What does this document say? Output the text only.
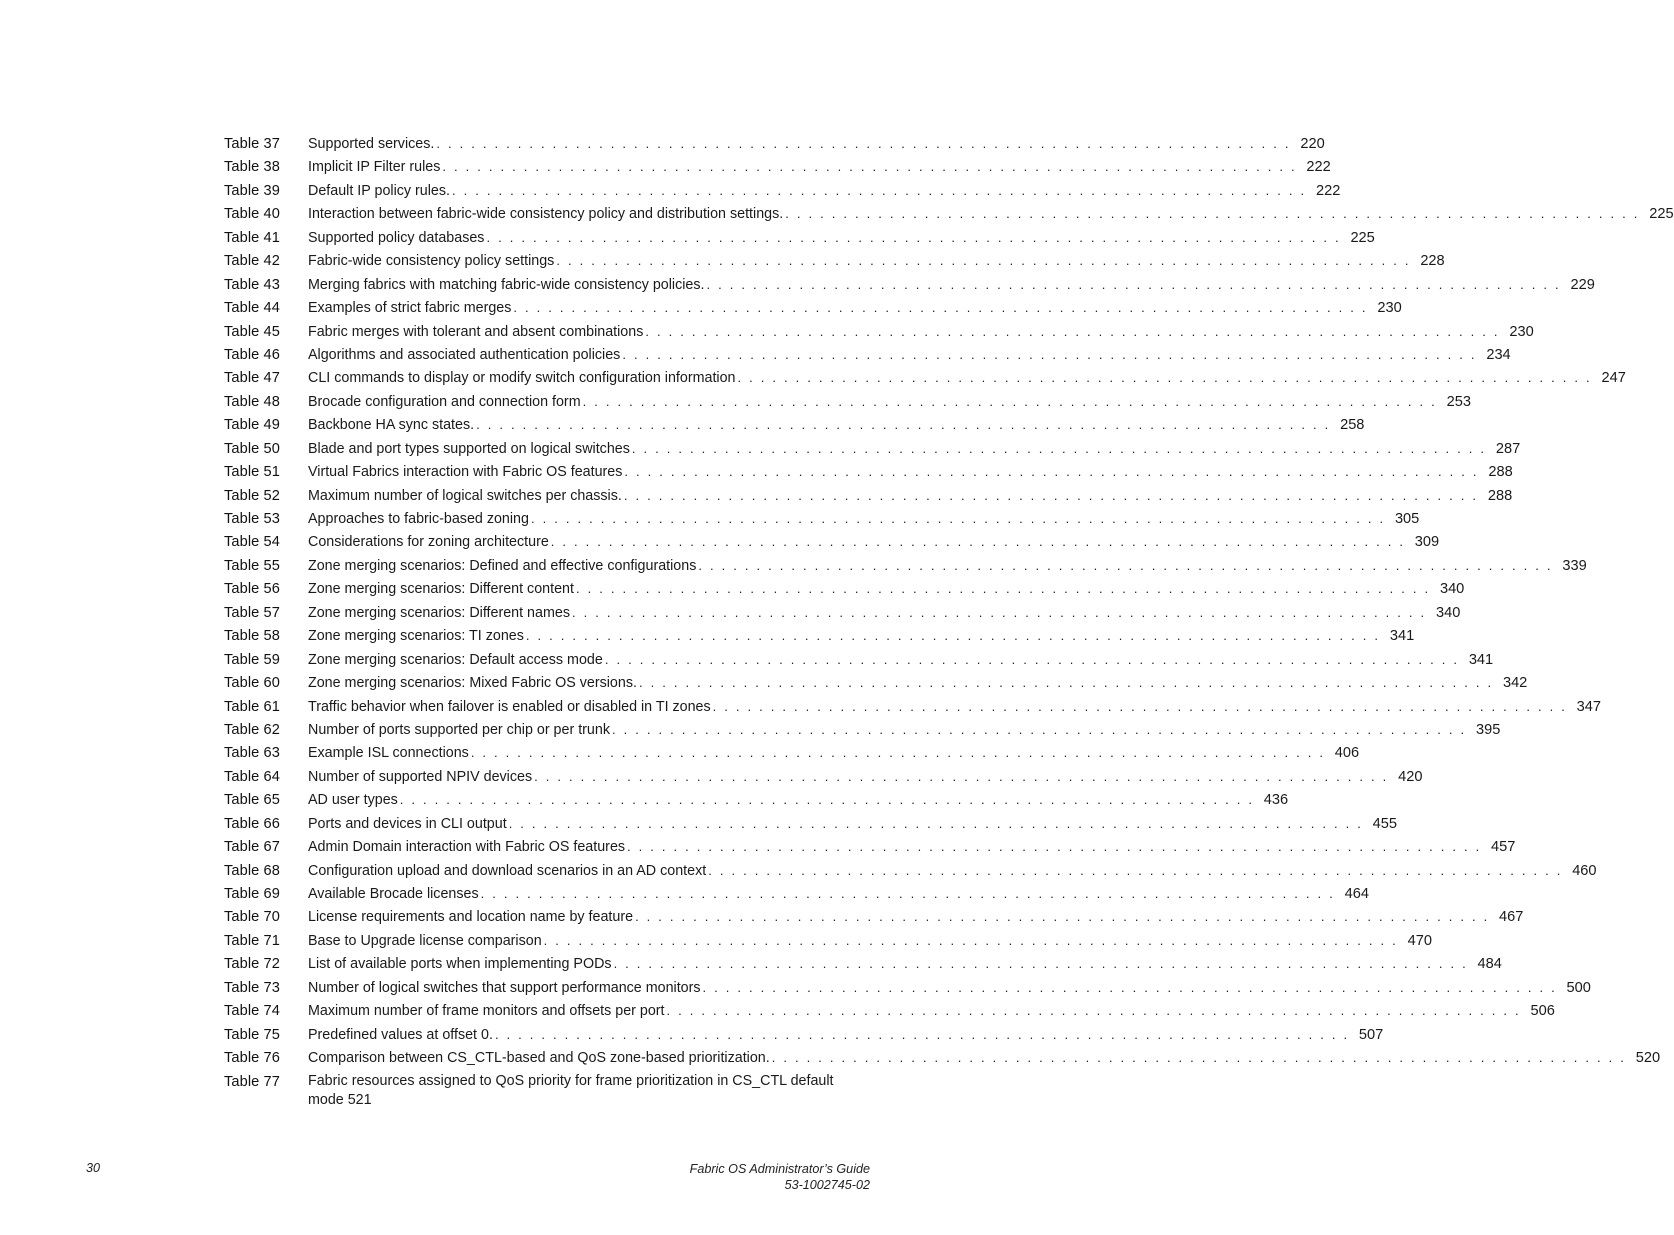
Table 37 Supported services. . . . . . . . . . . . . . . . . . . . . . . . . . . . . . . . . . . . . . . . . . . . . . . . . . . . . . . . . . . . . . . . . . . . . . . . . . . 220
Table 38 Implicit IP Filter rules . . . . . . . . . . . . . . . . . . . . . . . . . . . . . . . . . . . . . . . . . . . . . . . . . . . . . . . . . . . . . . . . . . . . . . . . . . 222
Table 39 Default IP policy rules. . . . . . . . . . . . . . . . . . . . . . . . . . . . . . . . . . . . . . . . . . . . . . . . . . . . . . . . . . . . . . . . . . . . . . . . . . . 222
Table 40 Interaction between fabric-wide consistency policy and distribution settings. . . . . . . . . . . . . . . . . . . . . . . . . . . . . . . . . . . . . . . . . . . . . . . . . . . . . . . . . . . . . . . . . . . . . . . . . . . 225
Table 41 Supported policy databases . . . . . . . . . . . . . . . . . . . . . . . . . . . . . . . . . . . . . . . . . . . . . . . . . . . . . . . . . . . . . . . . . . . . . . . . . . 225
Table 42 Fabric-wide consistency policy settings . . . . . . . . . . . . . . . . . . . . . . . . . . . . . . . . . . . . . . . . . . . . . . . . . . . . . . . . . . . . . . . . . . . . . . . . . . 228
Table 43 Merging fabrics with matching fabric-wide consistency policies. . . . . . . . . . . . . . . . . . . . . . . . . . . . . . . . . . . . . . . . . . . . . . . . . . . . . . . . . . . . . . . . . . . . . . . . . . . 229
Table 44 Examples of strict fabric merges . . . . . . . . . . . . . . . . . . . . . . . . . . . . . . . . . . . . . . . . . . . . . . . . . . . . . . . . . . . . . . . . . . . . . . . . . . 230
Table 45 Fabric merges with tolerant and absent combinations . . . . . . . . . . . . . . . . . . . . . . . . . . . . . . . . . . . . . . . . . . . . . . . . . . . . . . . . . . . . . . . . . . . . . . . . . . 230
Table 46 Algorithms and associated authentication policies . . . . . . . . . . . . . . . . . . . . . . . . . . . . . . . . . . . . . . . . . . . . . . . . . . . . . . . . . . . . . . . . . . . . . . . . . . 234
Table 47 CLI commands to display or modify switch configuration information . . . . . . . . . . . . . . . . . . . . . . . . . . . . . . . . . . . . . . . . . . . . . . . . . . . . . . . . . . . . . . . . . . . . . . . . . . 247
Table 48 Brocade configuration and connection form . . . . . . . . . . . . . . . . . . . . . . . . . . . . . . . . . . . . . . . . . . . . . . . . . . . . . . . . . . . . . . . . . . . . . . . . . . 253
Table 49 Backbone HA sync states. . . . . . . . . . . . . . . . . . . . . . . . . . . . . . . . . . . . . . . . . . . . . . . . . . . . . . . . . . . . . . . . . . . . . . . . . . . 258
Table 50 Blade and port types supported on logical switches . . . . . . . . . . . . . . . . . . . . . . . . . . . . . . . . . . . . . . . . . . . . . . . . . . . . . . . . . . . . . . . . . . . . . . . . . . 287
Table 51 Virtual Fabrics interaction with Fabric OS features . . . . . . . . . . . . . . . . . . . . . . . . . . . . . . . . . . . . . . . . . . . . . . . . . . . . . . . . . . . . . . . . . . . . . . . . . . 288
Table 52 Maximum number of logical switches per chassis. . . . . . . . . . . . . . . . . . . . . . . . . . . . . . . . . . . . . . . . . . . . . . . . . . . . . . . . . . . . . . . . . . . . . . . . . . . 288
Table 53 Approaches to fabric-based zoning . . . . . . . . . . . . . . . . . . . . . . . . . . . . . . . . . . . . . . . . . . . . . . . . . . . . . . . . . . . . . . . . . . . . . . . . . . 305
Table 54 Considerations for zoning architecture . . . . . . . . . . . . . . . . . . . . . . . . . . . . . . . . . . . . . . . . . . . . . . . . . . . . . . . . . . . . . . . . . . . . . . . . . . 309
Table 55 Zone merging scenarios: Defined and effective configurations . . . . . . . . . . . . . . . . . . . . . . . . . . . . . . . . . . . . . . . . . . . . . . . . . . . . . . . . . . . . . . . . . . . . . . . . . . 339
Table 56 Zone merging scenarios: Different content . . . . . . . . . . . . . . . . . . . . . . . . . . . . . . . . . . . . . . . . . . . . . . . . . . . . . . . . . . . . . . . . . . . . . . . . . . 340
Table 57 Zone merging scenarios: Different names . . . . . . . . . . . . . . . . . . . . . . . . . . . . . . . . . . . . . . . . . . . . . . . . . . . . . . . . . . . . . . . . . . . . . . . . . . 340
Table 58 Zone merging scenarios: TI zones . . . . . . . . . . . . . . . . . . . . . . . . . . . . . . . . . . . . . . . . . . . . . . . . . . . . . . . . . . . . . . . . . . . . . . . . . . 341
Table 59 Zone merging scenarios: Default access mode . . . . . . . . . . . . . . . . . . . . . . . . . . . . . . . . . . . . . . . . . . . . . . . . . . . . . . . . . . . . . . . . . . . . . . . . . . 341
Table 60 Zone merging scenarios: Mixed Fabric OS versions. . . . . . . . . . . . . . . . . . . . . . . . . . . . . . . . . . . . . . . . . . . . . . . . . . . . . . . . . . . . . . . . . . . . . . . . . . . 342
Table 61 Traffic behavior when failover is enabled or disabled in TI zones . . . . . . . . . . . . . . . . . . . . . . . . . . . . . . . . . . . . . . . . . . . . . . . . . . . . . . . . . . . . . . . . . . . . . . . . . . 347
Table 62 Number of ports supported per chip or per trunk . . . . . . . . . . . . . . . . . . . . . . . . . . . . . . . . . . . . . . . . . . . . . . . . . . . . . . . . . . . . . . . . . . . . . . . . . . 395
Table 63 Example ISL connections . . . . . . . . . . . . . . . . . . . . . . . . . . . . . . . . . . . . . . . . . . . . . . . . . . . . . . . . . . . . . . . . . . . . . . . . . . 406
Table 64 Number of supported NPIV devices . . . . . . . . . . . . . . . . . . . . . . . . . . . . . . . . . . . . . . . . . . . . . . . . . . . . . . . . . . . . . . . . . . . . . . . . . . 420
Table 65 AD user types . . . . . . . . . . . . . . . . . . . . . . . . . . . . . . . . . . . . . . . . . . . . . . . . . . . . . . . . . . . . . . . . . . . . . . . . . . 436
Table 66 Ports and devices in CLI output . . . . . . . . . . . . . . . . . . . . . . . . . . . . . . . . . . . . . . . . . . . . . . . . . . . . . . . . . . . . . . . . . . . . . . . . . . 455
Table 67 Admin Domain interaction with Fabric OS features . . . . . . . . . . . . . . . . . . . . . . . . . . . . . . . . . . . . . . . . . . . . . . . . . . . . . . . . . . . . . . . . . . . . . . . . . . 457
Table 68 Configuration upload and download scenarios in an AD context . . . . . . . . . . . . . . . . . . . . . . . . . . . . . . . . . . . . . . . . . . . . . . . . . . . . . . . . . . . . . . . . . . . . . . . . . . 460
Table 69 Available Brocade licenses . . . . . . . . . . . . . . . . . . . . . . . . . . . . . . . . . . . . . . . . . . . . . . . . . . . . . . . . . . . . . . . . . . . . . . . . . . 464
Table 70 License requirements and location name by feature . . . . . . . . . . . . . . . . . . . . . . . . . . . . . . . . . . . . . . . . . . . . . . . . . . . . . . . . . . . . . . . . . . . . . . . . . . 467
Table 71 Base to Upgrade license comparison . . . . . . . . . . . . . . . . . . . . . . . . . . . . . . . . . . . . . . . . . . . . . . . . . . . . . . . . . . . . . . . . . . . . . . . . . . 470
Table 72 List of available ports when implementing PODs . . . . . . . . . . . . . . . . . . . . . . . . . . . . . . . . . . . . . . . . . . . . . . . . . . . . . . . . . . . . . . . . . . . . . . . . . . 484
Table 73 Number of logical switches that support performance monitors . . . . . . . . . . . . . . . . . . . . . . . . . . . . . . . . . . . . . . . . . . . . . . . . . . . . . . . . . . . . . . . . . . . . . . . . . . 500
Table 74 Maximum number of frame monitors and offsets per port . . . . . . . . . . . . . . . . . . . . . . . . . . . . . . . . . . . . . . . . . . . . . . . . . . . . . . . . . . . . . . . . . . . . . . . . . . 506
Table 75 Predefined values at offset 0. . . . . . . . . . . . . . . . . . . . . . . . . . . . . . . . . . . . . . . . . . . . . . . . . . . . . . . . . . . . . . . . . . . . . . . . . . . 507
Table 76 Comparison between CS_CTL-based and QoS zone-based prioritization. . . . . . . . . . . . . . . . . . . . . . . . . . . . . . . . . . . . . . . . . . . . . . . . . . . . . . . . . . . . . . . . . . . . . . . . . . . 520
Table 77 Fabric resources assigned to QoS priority for frame prioritization in CS_CTL default mode 521
30	Fabric OS Administrator’s Guide
53-1002745-02
